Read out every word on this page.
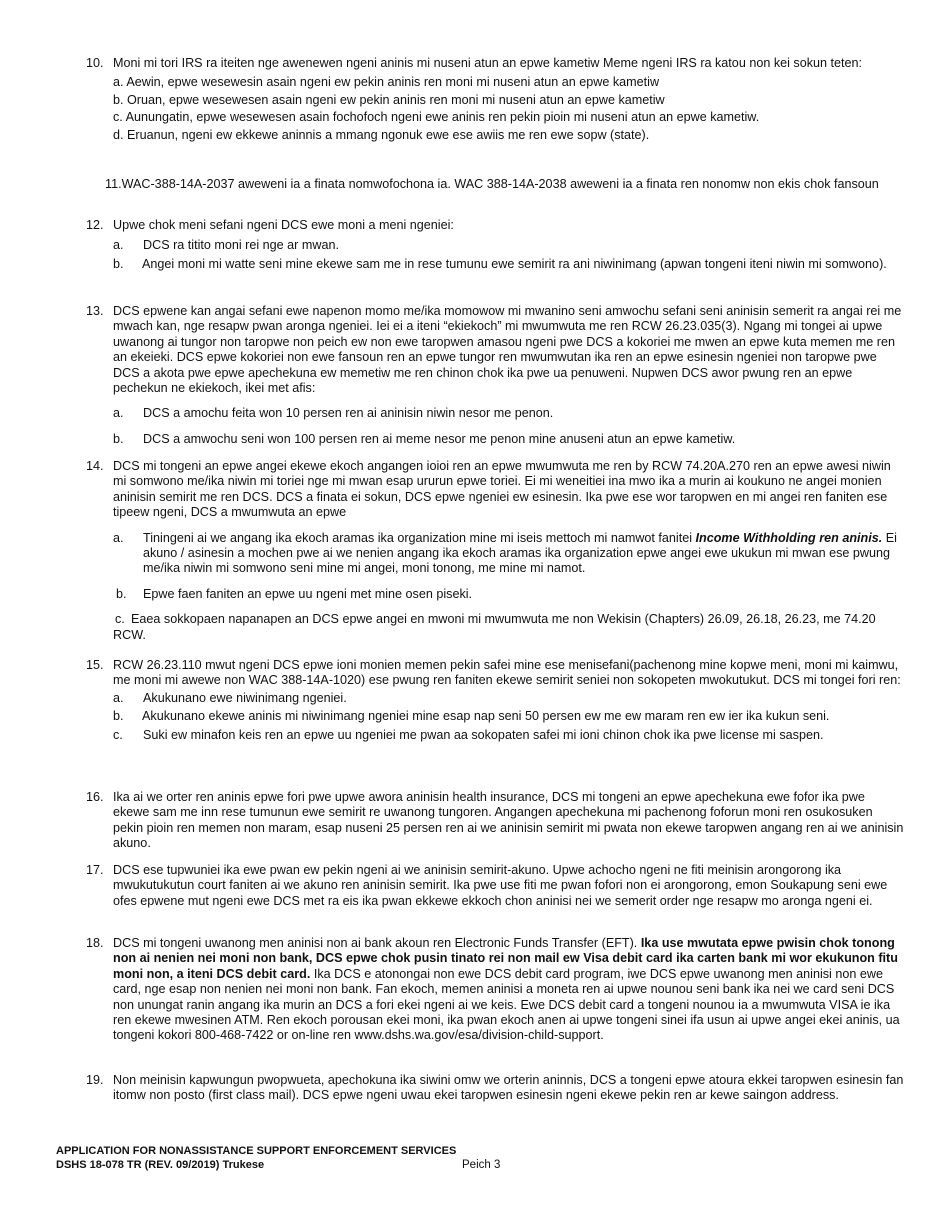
10. Moni mi tori IRS ra iteiten nge awenewen ngeni aninis mi nuseni atun an epwe kametiw Meme ngeni IRS ra katou non kei sokun teten:
a. Aewin, epwe wesewesin asain ngeni ew pekin aninis ren moni mi nuseni atun an epwe kametiw
b. Oruan, epwe wesewesen asain ngeni ew pekin aninis ren moni mi nuseni atun an epwe kametiw
c. Aunungatin, epwe wesewesen asain fochofoch ngeni ewe aninis ren pekin pioin mi nuseni atun an epwe kametiw.
d. Eruanun, ngeni ew ekkewe aninnis a mmang ngonuk ewe ese awiis me ren ewe sopw (state).
11.WAC-388-14A-2037 aweweni ia a finata nomwofochona ia. WAC 388-14A-2038 aweweni ia a finata ren nonomw non ekis chok fansoun
12. Upwe chok meni sefani ngeni DCS ewe moni a meni ngeniei:
a.	DCS ra titito moni rei nge ar mwan.
b. Angei moni mi watte seni mine ekewe sam me in rese tumunu ewe semirit ra ani niwinimang (apwan tongeni iteni niwin mi somwono).
13. DCS epwene kan angai sefani ewe napenon momo me/ika momowow mi mwanino seni amwochu sefani seni aninisin semerit ra angai rei me mwach kan, nge resapw pwan aronga ngeniei. Iei ei a iteni “ekiekoch” mi mwumwuta me ren RCW 26.23.035(3). Ngang mi tongei ai upwe uwanong ai tungor non taropwe non peich ew non ewe taropwen amasou ngeni pwe DCS a kokoriei me mwen an epwe kuta memen me ren an ekeieki. DCS epwe kokoriei non ewe fansoun ren an epwe tungor ren mwumwutan ika ren an epwe esinesin ngeniei non taropwe pwe DCS a akota pwe epwe apechekuna ew memetiw me ren chinon chok ika pwe ua penuweni. Nupwen DCS awor pwung ren an epwe pechekun ne ekiekoch, ikei met afis:
a.	DCS a amochu feita won 10 persen ren ai aninisin niwin nesor me penon.
b.	DCS a amwochu seni won 100 persen ren ai meme nesor me penon mine anuseni atun an epwe kametiw.
14. DCS mi tongeni an epwe angei ekewe ekoch angangen ioioi ren an epwe mwumwuta me ren by RCW 74.20A.270 ren an epwe awesi niwin mi somwono me/ika niwin mi toriei nge mi mwan esap ururun epwe toriei. Ei mi weneitiei ina mwo ika a murin ai koukuno ne angei monien aninisin semirit me ren DCS. DCS a finata ei sokun, DCS epwe ngeniei ew esinesin. Ika pwe ese wor taropwen en mi angei ren faniten ese tipeew ngeni, DCS a mwumwuta an epwe
a.	Tiningeni ai we angang ika ekoch aramas ika organization mine mi iseis mettoch mi namwot fanitei Income Withholding ren aninis. Ei akuno / asinesin a mochen pwe ai we nenien angang ika ekoch aramas ika organization epwe angei ewe ukukun mi mwan ese pwung me/ika niwin mi somwono seni mine mi angei, moni tonong, me mine mi namot.
b.	Epwe faen faniten an epwe uu ngeni met mine osen piseki.
c. Eaea sokkopaen napanapen an DCS epwe angei en mwoni mi mwumwuta me non Wekisin (Chapters) 26.09, 26.18, 26.23, me 74.20 RCW.
15. RCW 26.23.110 mwut ngeni DCS epwe ioni monien memen pekin safei mine ese menisefani(pachenong mine kopwe meni, moni mi kaimwu, me moni mi awewe non WAC 388-14A-1020) ese pwung ren faniten ekewe semirit seniei non sokopeten mwokutukut. DCS mi tongei fori ren:
a.	Akukunano ewe niwinimang ngeniei.
b. Akukunano ekewe aninis mi niwinimang ngeniei mine esap nap seni 50 persen ew me ew maram ren ew ier ika kukun seni.
c.	Suki ew minafon keis ren an epwe uu ngeniei me pwan aa sokopaten safei mi ioni chinon chok ika pwe license mi saspen.
16. Ika ai we orter ren aninis epwe fori pwe upwe awora aninisin health insurance, DCS mi tongeni an epwe apechekuna ewe fofor ika pwe ekewe sam me inn rese tumunun ewe semirit re uwanong tungoren. Angangen apechekuna mi pachenong foforun moni ren osukosuken pekin pioin ren memen non maram, esap nuseni 25 persen ren ai we aninisin semirit mi pwata non ekewe taropwen angang ren ai we aninisin akuno.
17. DCS ese tupwuniei ika ewe pwan ew pekin ngeni ai we aninisin semirit-akuno. Upwe achocho ngeni ne fiti meinisin arongorong ika mwukutukutun court faniten ai we akuno ren aninisin semirit. Ika pwe use fiti me pwan fofori non ei arongorong, emon Soukapung seni ewe ofes epwene mut ngeni ewe DCS met ra eis ika pwan ekkewe ekkoch chon aninisi nei we semerit order nge resapw mo aronga ngeni ei.
18. DCS mi tongeni uwanong men aninisi non ai bank akoun ren Electronic Funds Transfer (EFT). Ika use mwutata epwe pwisin chok tonong non ai nenien nei moni non bank, DCS epwe chok pusin tinato rei non mail ew Visa debit card ika carten bank mi wor ekukunon fitu moni non, a iteni DCS debit card. Ika DCS e atonongai non ewe DCS debit card program, iwe DCS epwe uwanong men aninisi non ewe card, nge esap non nenien nei moni non bank. Fan ekoch, memen aninisi a moneta ren ai upwe nounou seni bank ika nei we card seni DCS non unungat ranin angang ika murin an DCS a fori ekei ngeni ai we keis. Ewe DCS debit card a tongeni nounou ia a mwumwuta VISA ie ika ren ekewe mwesinen ATM. Ren ekoch porousan ekei moni, ika pwan ekoch anen ai upwe tongeni sinei ifa usun ai upwe angei ekei aninis, ua tongeni kokori 800-468-7422 or on-line ren www.dshs.wa.gov/esa/division-child-support.
19. Non meinisin kapwungun pwopwueta, apechokuna ika siwini omw we orterin aninnis, DCS a tongeni epwe atoura ekkei taropwen esinesin fan itomw non posto (first class mail). DCS epwe ngeni uwau ekei taropwen esinesin ngeni ekewe pekin ren ar kewe saingon address.
APPLICATION FOR NONASSISTANCE SUPPORT ENFORCEMENT SERVICES
DSHS 18-078 TR (REV. 09/2019) Trukese	Peich 3
